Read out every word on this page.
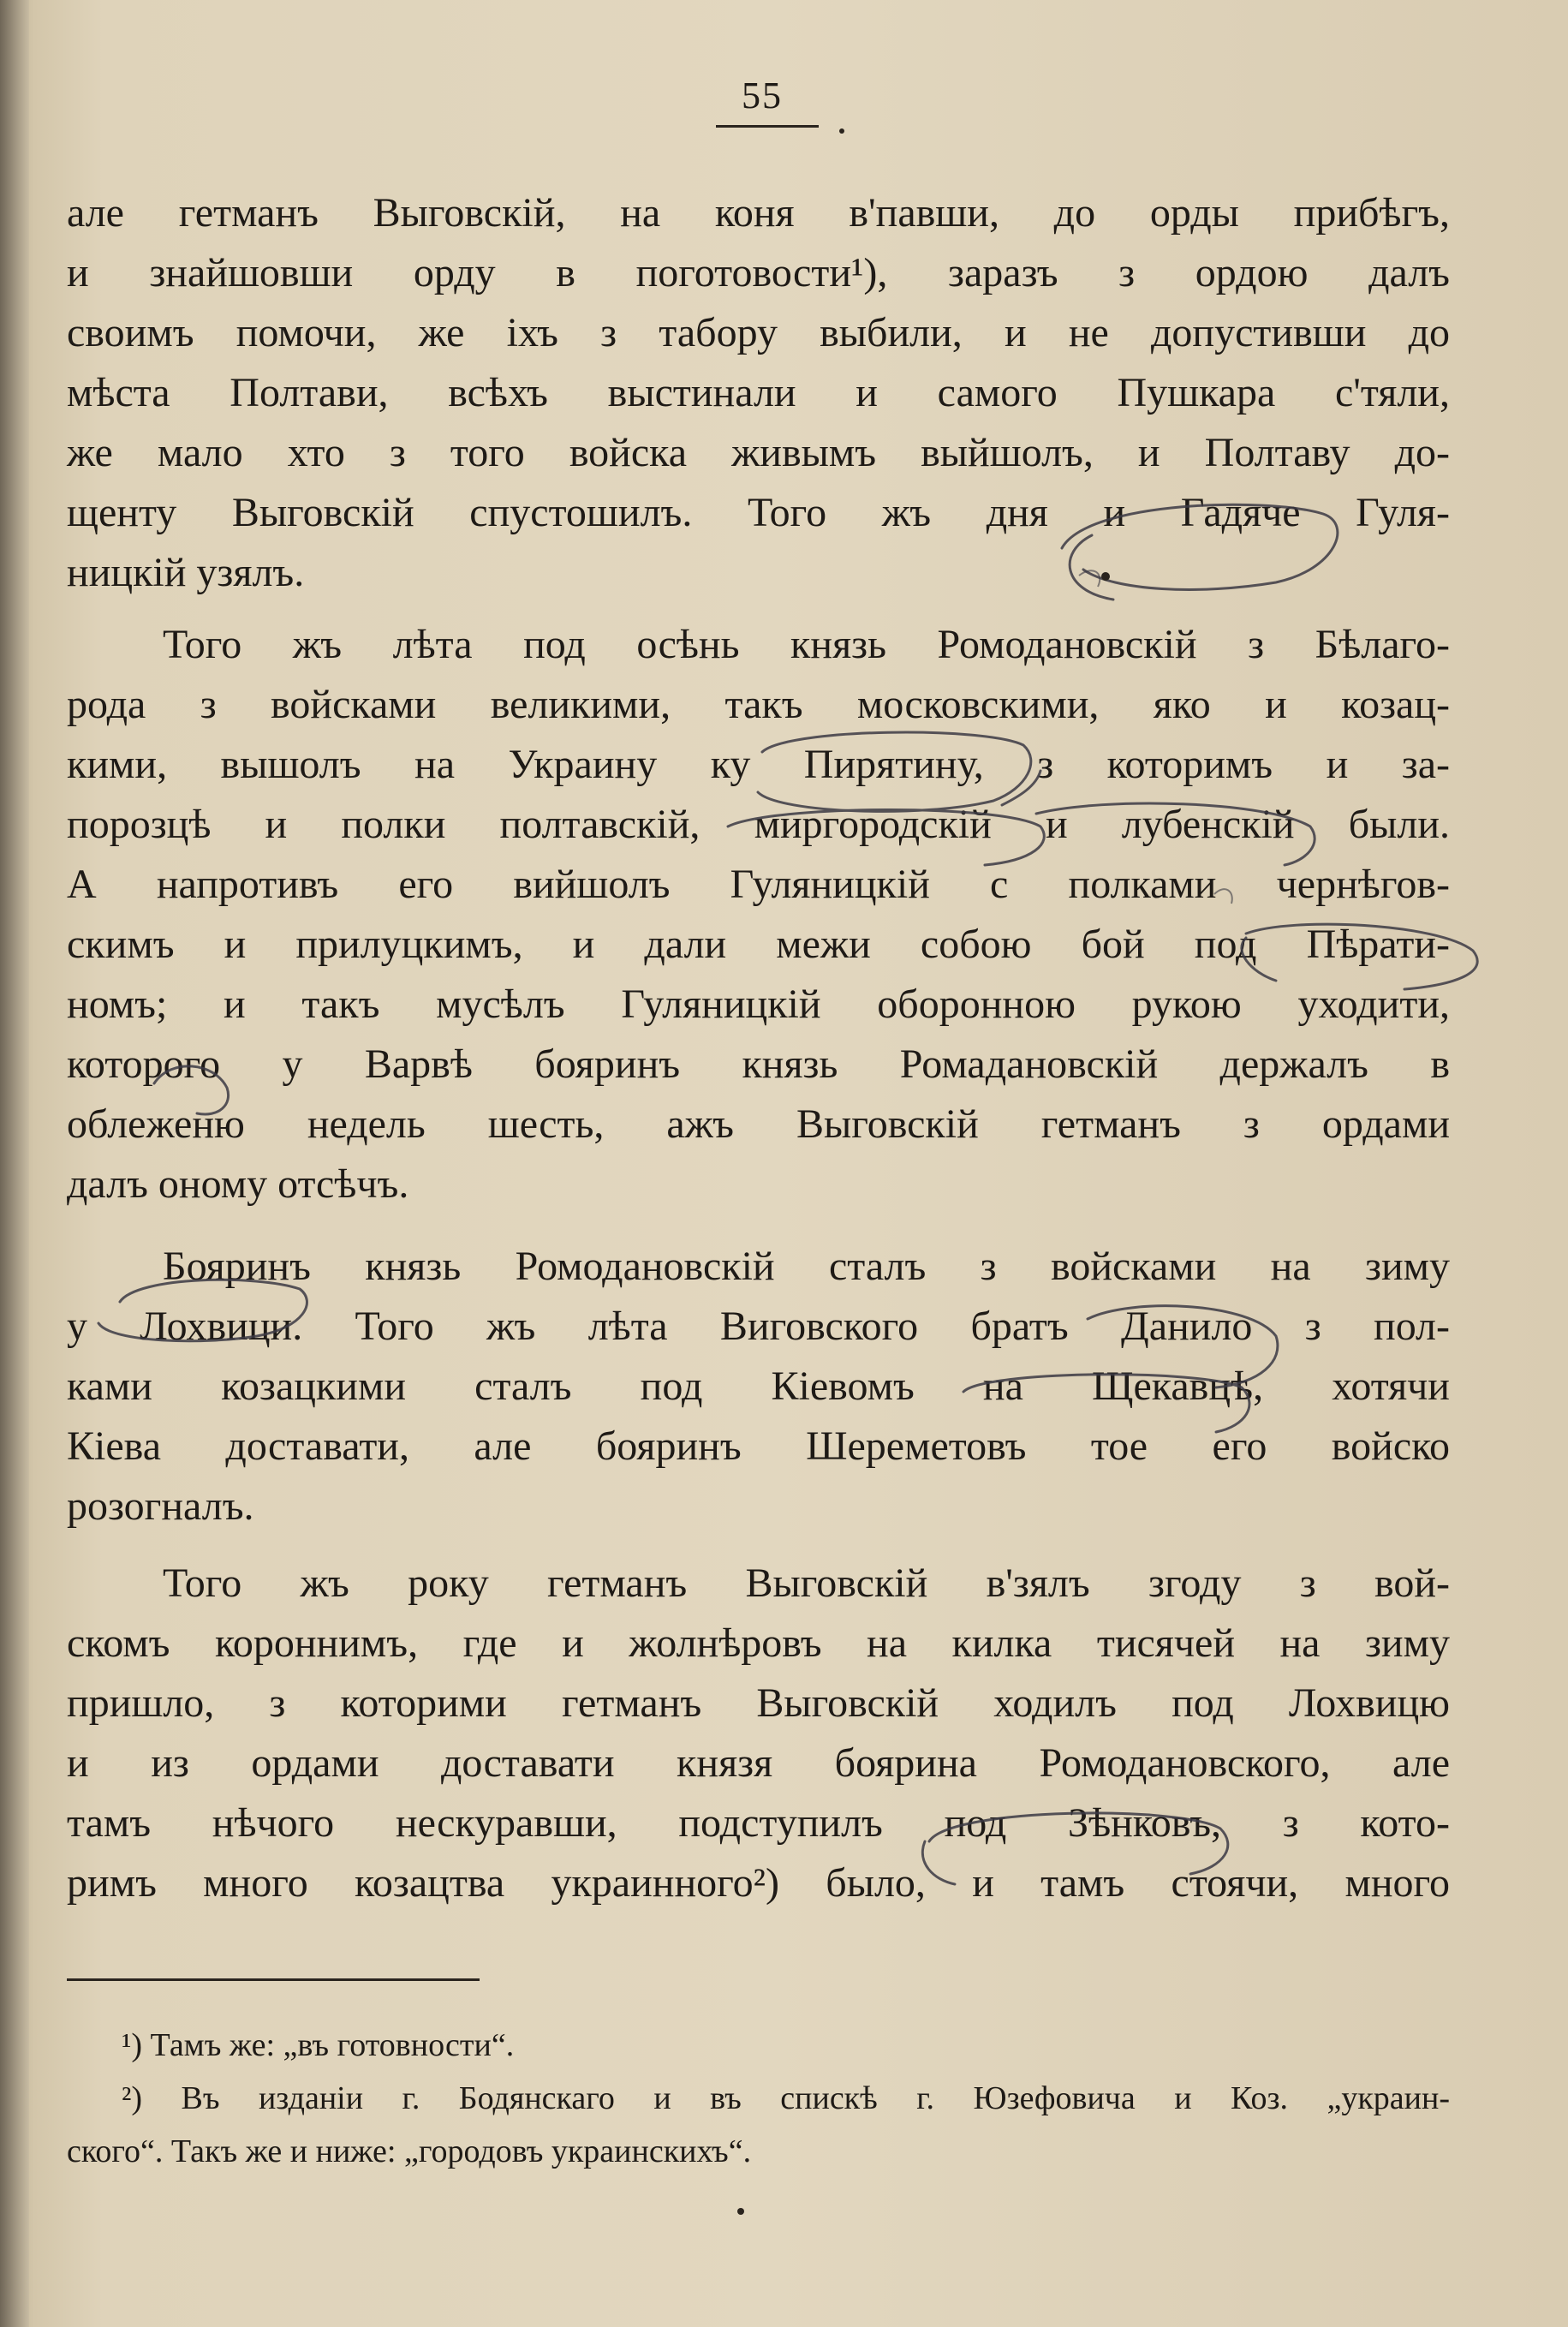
55
але гетманъ Выговскій, на коня в'павши, до орды прибѣгъ,
и знайшовши орду в поготовости¹), заразъ з ордою далъ
своимъ помочи, же іхъ з табору выбили, и не допустивши до
мѣста Полтави, всѣхъ выстинали и самого Пушкара с'тяли,
же мало хто з того войска живымъ выйшолъ, и Полтаву до-
щенту Выговскій спустошилъ. Того жъ дня и Гадяче Гуля-
ницкій узялъ.
Того жъ лѣта под осѣнь князь Ромодановскій з Бѣлаго-
рода з войсками великими, такъ московскими, яко и козац-
кими, вышолъ на Украину ку Пирятину, з которимъ и за-
порозцѣ и полки полтавскій, миргородскій и лубенскій были.
А напротивъ его вийшолъ Гуляницкій с полками чернѣгов-
скимъ и прилуцкимъ, и дали межи собою бой под Пѣрати-
номъ; и такъ мусѣлъ Гуляницкій оборонною рукою уходити,
которого у Варвѣ бояринъ князь Ромадановскій держалъ в
облеженю недель шесть, ажъ Выговскій гетманъ з ордами
далъ оному отсѣчъ.
Бояринъ князь Ромодановскій сталъ з войсками на зиму
у Лохвици. Того жъ лѣта Виговского братъ Данило з пол-
ками козацкими сталъ под Кіевомъ на Щекавцѣ, хотячи
Кіева доставати, але бояринъ Шереметовъ тое его войско
розогналъ.
Того жъ року гетманъ Выговскій в'зялъ згоду з вой-
скомъ короннимъ, где и жолнѣровъ на килка тисячей на зиму
пришло, з которими гетманъ Выговскій ходилъ под Лохвицю
и из ордами доставати князя боярина Ромодановского, але
тамъ нѣчого нескуравши, подступилъ под Зѣнковъ, з кото-
римъ много козацтва украинного²) было, и тамъ стоячи, много
¹) Тамъ же: „въ готовности“.
²) Въ изданіи г. Бодянскаго и въ спискѣ г. Юзефовича и Коз. „украин-
ского“. Такъ же и ниже: „городовъ украинскихъ“.
